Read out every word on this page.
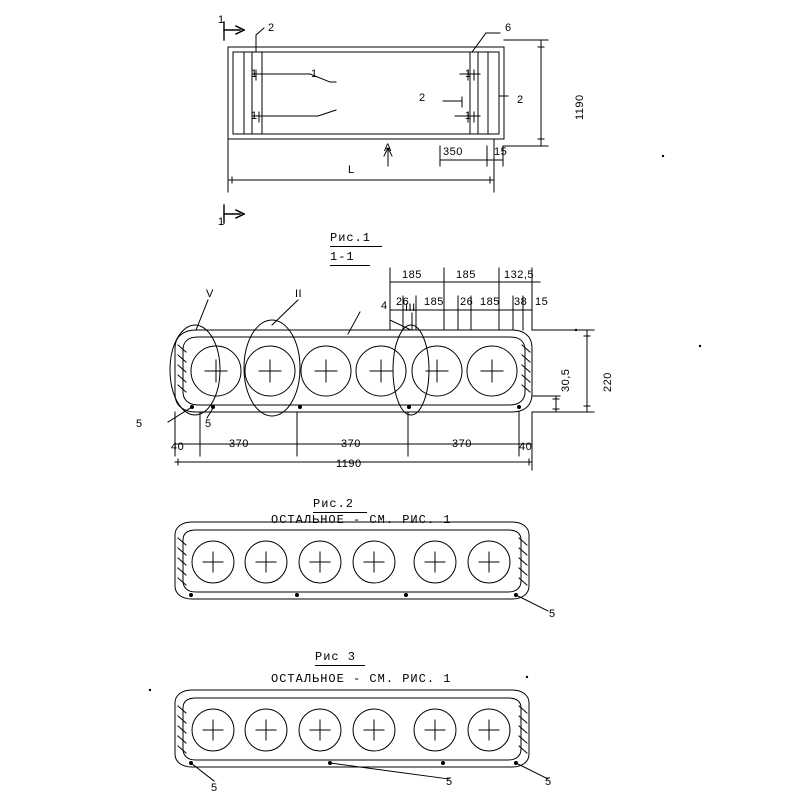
1
2	6
1	1
1
1
1
2	2
1
A
L
1190
350	15
Рис.1
1-1
185	185	132,5
26 185 26 185 38 15
V	II
4 III
30,5	220
5	5
40	370	370	370	40
1190
Рис.2
ОСТАЛЬНОЕ - СМ. РИС. 1
5
Рис 3
ОСТАЛЬНОЕ - СМ. РИС. 1
5	5	5
